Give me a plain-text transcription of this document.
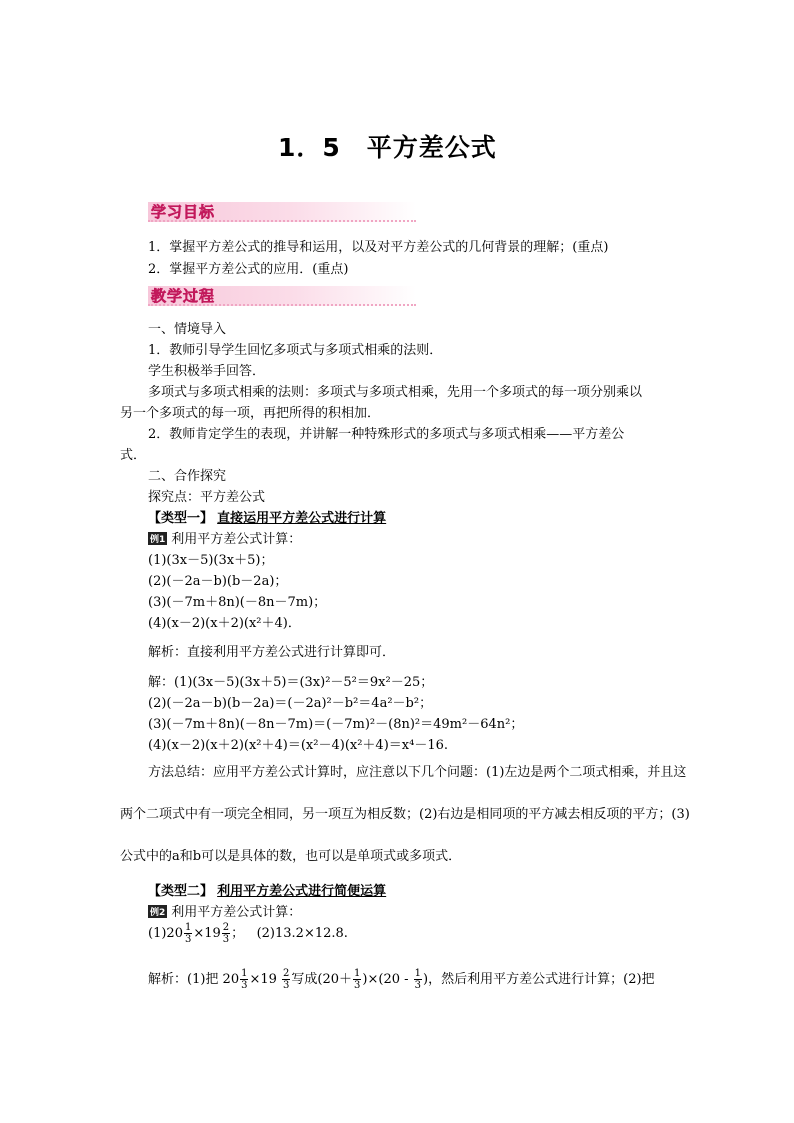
1．5　平方差公式
学习目标
1．掌握平方差公式的推导和运用，以及对平方差公式的几何背景的理解；(重点)
2．掌握平方差公式的应用．(重点)
教学过程
一、情境导入
1．教师引导学生回忆多项式与多项式相乘的法则．
学生积极举手回答．
多项式与多项式相乘的法则：多项式与多项式相乘，先用一个多项式的每一项分别乘以
另一个多项式的每一项，再把所得的积相加．
2．教师肯定学生的表现，并讲解一种特殊形式的多项式与多项式相乘——平方差公
式．
二、合作探究
探究点：平方差公式
【类型一】 直接运用平方差公式进行计算
例1 利用平方差公式计算：
(1)(3x－5)(3x＋5)；
(2)(－2a－b)(b－2a)；
(3)(－7m＋8n)(－8n－7m)；
(4)(x－2)(x＋2)(x²＋4)．
解析：直接利用平方差公式进行计算即可．
解：(1)(3x－5)(3x＋5)＝(3x)²－5²＝9x²－25；
(2)(－2a－b)(b－2a)＝(－2a)²－b²＝4a²－b²；
(3)(－7m＋8n)(－8n－7m)＝(－7m)²－(8n)²＝49m²－64n²；
(4)(x－2)(x＋2)(x²＋4)＝(x²－4)(x²＋4)＝x⁴－16.
方法总结：应用平方差公式计算时，应注意以下几个问题：(1)左边是两个二项式相乘，并且这两个二项式中有一项完全相同，另一项互为相反数；(2)右边是相同项的平方减去相反项的平方；(3)公式中的a和b可以是具体的数，也可以是单项式或多项式．
【类型二】 利用平方差公式进行简便运算
例2 利用平方差公式计算：
$(1)20 \frac{1}{3} \times 19 \frac{2}{3}$ ； (2)13.2×12.8.
解析：(1)把 $20 \frac{1}{3} \times 19 \frac{2}{3}$ 写成$(20+ \frac{1}{3} )\times(20 - \frac{1}{3}$ )，然后利用平方差公式进行计算；(2)把
